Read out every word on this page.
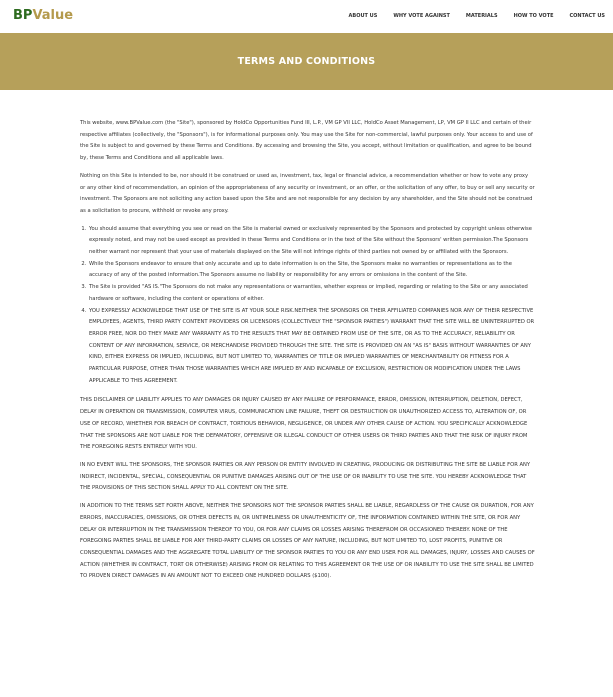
BPValue	ABOUT US	WHY VOTE AGAINST	MATERIALS	HOW TO VOTE	CONTACT US
TERMS AND CONDITIONS

This website, www.BPValue.com (the "Site"), sponsored by HoldCo Opportunities Fund III, L.P., VM GP VII LLC, HoldCo Asset Management, LP, VM GP II LLC and certain of their respective affiliates (collectively, the "Sponsors"), is for informational purposes only. You may use the Site for non-commercial, lawful purposes only. Your access to and use of the Site is subject to and governed by these Terms and Conditions. By accessing and browsing the Site, you accept, without limitation or qualification, and agree to be bound by, these Terms and Conditions and all applicable laws.

Nothing on this Site is intended to be, nor should it be construed or used as, investment, tax, legal or financial advice, a recommendation whether or how to vote any proxy or any other kind of recommendation, an opinion of the appropriateness of any security or investment, or an offer, or the solicitation of any offer, to buy or sell any security or investment. The Sponsors are not soliciting any action based upon the Site and are not responsible for any decision by any shareholder, and the Site should not be construed as a solicitation to procure, withhold or revoke any proxy.

1. You should assume that everything you see or read on the Site is material owned or exclusively represented by the Sponsors and protected by copyright unless otherwise expressly noted, and may not be used except as provided in these Terms and Conditions or in the text of the Site without the Sponsors' written permission.The Sponsors neither warrant nor represent that your use of materials displayed on the Site will not infringe rights of third parties not owned by or affiliated with the Sponsors.
2. While the Sponsors endeavor to ensure that only accurate and up to date information is on the Site, the Sponsors make no warranties or representations as to the accuracy of any of the posted information.The Sponsors assume no liability or responsibility for any errors or omissions in the content of the Site.
3. The Site is provided "AS IS."The Sponsors do not make any representations or warranties, whether express or implied, regarding or relating to the Site or any associated hardware or software, including the content or operations of either.
4. YOU EXPRESSLY ACKNOWLEDGE THAT USE OF THE SITE IS AT YOUR SOLE RISK.NEITHER THE SPONSORS OR THEIR AFFILIATED COMPANIES NOR ANY OF THEIR RESPECTIVE EMPLOYEES, AGENTS, THIRD PARTY CONTENT PROVIDERS OR LICENSORS (COLLECTIVELY THE "SPONSOR PARTIES") WARRANT THAT THE SITE WILL BE UNINTERRUPTED OR ERROR FREE, NOR DO THEY MAKE ANY WARRANTY AS TO THE RESULTS THAT MAY BE OBTAINED FROM USE OF THE SITE, OR AS TO THE ACCURACY, RELIABILITY OR CONTENT OF ANY INFORMATION, SERVICE, OR MERCHANDISE PROVIDED THROUGH THE SITE. THE SITE IS PROVIDED ON AN "AS IS" BASIS WITHOUT WARRANTIES OF ANY KIND, EITHER EXPRESS OR IMPLIED, INCLUDING, BUT NOT LIMITED TO, WARRANTIES OF TITLE OR IMPLIED WARRANTIES OF MERCHANTABILITY OR FITNESS FOR A PARTICULAR PURPOSE, OTHER THAN THOSE WARRANTIES WHICH ARE IMPLIED BY AND INCAPABLE OF EXCLUSION, RESTRICTION OR MODIFICATION UNDER THE LAWS APPLICABLE TO THIS AGREEMENT.

THIS DISCLAIMER OF LIABILITY APPLIES TO ANY DAMAGES OR INJURY CAUSED BY ANY FAILURE OF PERFORMANCE, ERROR, OMISSION, INTERRUPTION, DELETION, DEFECT, DELAY IN OPERATION OR TRANSMISSION, COMPUTER VIRUS, COMMUNICATION LINE FAILURE, THEFT OR DESTRUCTION OR UNAUTHORIZED ACCESS TO, ALTERATION OF, OR USE OF RECORD, WHETHER FOR BREACH OF CONTRACT, TORTIOUS BEHAVIOR, NEGLIGENCE, OR UNDER ANY OTHER CAUSE OF ACTION. YOU SPECIFICALLY ACKNOWLEDGE THAT THE SPONSORS ARE NOT LIABLE FOR THE DEFAMATORY, OFFENSIVE OR ILLEGAL CONDUCT OF OTHER USERS OR THIRD PARTIES AND THAT THE RISK OF INJURY FROM THE FOREGOING RESTS ENTIRELY WITH YOU.

IN NO EVENT WILL THE SPONSORS, THE SPONSOR PARTIES OR ANY PERSON OR ENTITY INVOLVED IN CREATING, PRODUCING OR DISTRIBUTING THE SITE BE LIABLE FOR ANY INDIRECT, INCIDENTAL, SPECIAL, CONSEQUENTIAL OR PUNITIVE DAMAGES ARISING OUT OF THE USE OF OR INABILITY TO USE THE SITE. YOU HEREBY ACKNOWLEDGE THAT THE PROVISIONS OF THIS SECTION SHALL APPLY TO ALL CONTENT ON THE SITE.

IN ADDITION TO THE TERMS SET FORTH ABOVE, NEITHER THE SPONSORS NOT THE SPONSOR PARTIES SHALL BE LIABLE, REGARDLESS OF THE CAUSE OR DURATION, FOR ANY ERRORS, INACCURACIES, OMISSIONS, OR OTHER DEFECTS IN, OR UNTIMELINESS OR UNAUTHENTICITY OF, THE INFORMATION CONTAINED WITHIN THE SITE, OR FOR ANY DELAY OR INTERRUPTION IN THE TRANSMISSION THEREOF TO YOU, OR FOR ANY CLAIMS OR LOSSES ARISING THEREFROM OR OCCASIONED THEREBY. NONE OF THE FOREGOING PARTIES SHALL BE LIABLE FOR ANY THIRD-PARTY CLAIMS OR LOSSES OF ANY NATURE, INCLUDING, BUT NOT LIMITED TO, LOST PROFITS, PUNITIVE OR CONSEQUENTIAL DAMAGES AND THE AGGREGATE TOTAL LIABILITY OF THE SPONSOR PARTIES TO YOU OR ANY END USER FOR ALL DAMAGES, INJURY, LOSSES AND CAUSES OF ACTION (WHETHER IN CONTRACT, TORT OR OTHERWISE) ARISING FROM OR RELATING TO THIS AGREEMENT OR THE USE OF OR INABILITY TO USE THE SITE SHALL BE LIMITED TO PROVEN DIRECT DAMAGES IN AN AMOUNT NOT TO EXCEED ONE HUNDRED DOLLARS ($100).
